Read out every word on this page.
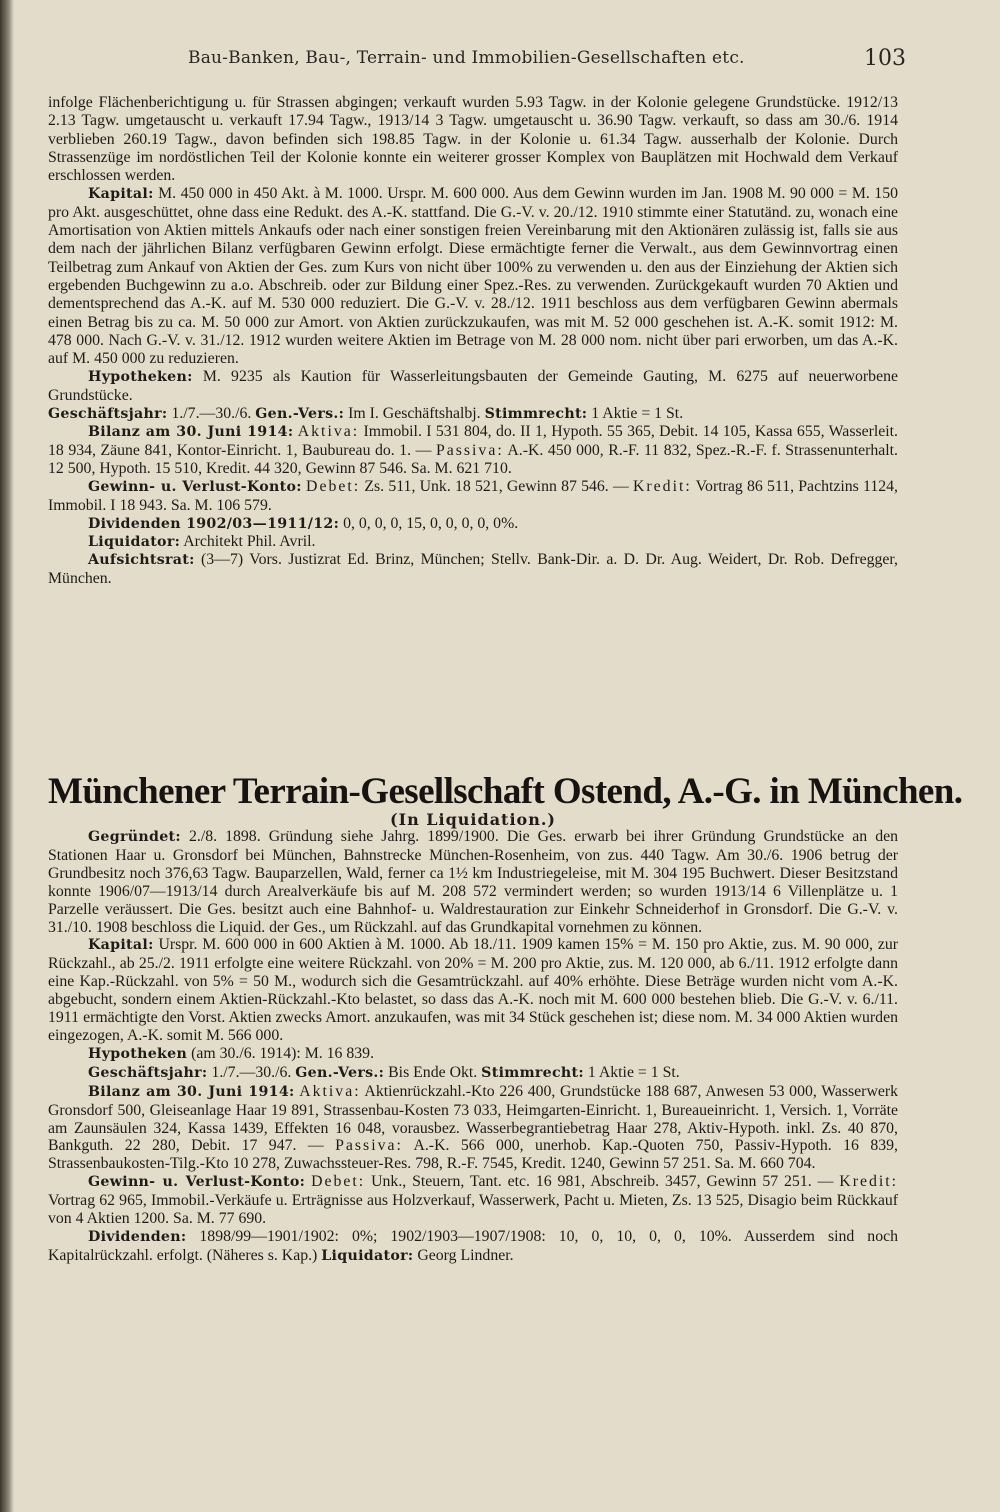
Bau-Banken, Bau-, Terrain- und Immobilien-Gesellschaften etc.	103

infolge Flächenberichtigung u. für Strassen abgingen; verkauft wurden 5.93 Tagw. in der Kolonie gelegene Grundstücke. 1912/13 2.13 Tagw. umgetauscht u. verkauft 17.94 Tagw., 1913/14 3 Tagw. umgetauscht u. 36.90 Tagw. verkauft, so dass am 30./6. 1914 verblieben 260.19 Tagw., davon befinden sich 198.85 Tagw. in der Kolonie u. 61.34 Tagw. ausserhalb der Kolonie. Durch Strassenzüge im nordöstlichen Teil der Kolonie konnte ein weiterer grosser Komplex von Bauplätzen mit Hochwald dem Verkauf erschlossen werden.

Kapital: M. 450 000 in 450 Akt. à M. 1000. Urspr. M. 600 000. Aus dem Gewinn wurden im Jan. 1908 M. 90 000 = M. 150 pro Akt. ausgeschüttet, ohne dass eine Redukt. des A.-K. stattfand. Die G.-V. v. 20./12. 1910 stimmte einer Statutänd. zu, wonach eine Amortisation von Aktien mittels Ankaufs oder nach einer sonstigen freien Vereinbarung mit den Aktionären zulässig ist, falls sie aus dem nach der jährlichen Bilanz verfügbaren Gewinn erfolgt. Diese ermächtigte ferner die Verwalt., aus dem Gewinnvortrag einen Teilbetrag zum Ankauf von Aktien der Ges. zum Kurs von nicht über 100% zu verwenden u. den aus der Einziehung der Aktien sich ergebenden Buchgewinn zu a.o. Abschreib. oder zur Bildung einer Spez.-Res. zu verwenden. Zurückgekauft wurden 70 Aktien und dementsprechend das A.-K. auf M. 530 000 reduziert. Die G.-V. v. 28./12. 1911 beschloss aus dem verfügbaren Gewinn abermals einen Betrag bis zu ca. M. 50 000 zur Amort. von Aktien zurückzukaufen, was mit M. 52 000 geschehen ist. A.-K. somit 1912: M. 478 000. Nach G.-V. v. 31./12. 1912 wurden weitere Aktien im Betrage von M. 28 000 nom. nicht über pari erworben, um das A.-K. auf M. 450 000 zu reduzieren.

Hypotheken: M. 9235 als Kaution für Wasserleitungsbauten der Gemeinde Gauting, M. 6275 auf neuerworbene Grundstücke.

Geschäftsjahr: 1./7.—30./6. Gen.-Vers.: Im I. Geschäftshalbj. Stimmrecht: 1 Aktie = 1 St.

Bilanz am 30. Juni 1914: Aktiva: Immobil. I 531 804, do. II 1, Hypoth. 55 365, Debit. 14 105, Kassa 655, Wasserleit. 18 934, Zäune 841, Kontor-Einricht. 1, Baubureau do. 1. — Passiva: A.-K. 450 000, R.-F. 11 832, Spez.-R.-F. f. Strassenunterhalt. 12 500, Hypoth. 15 510, Kredit. 44 320, Gewinn 87 546. Sa. M. 621 710.

Gewinn- u. Verlust-Konto: Debet: Zs. 511, Unk. 18 521, Gewinn 87 546. — Kredit: Vortrag 86 511, Pachtzins 1124, Immobil. I 18 943. Sa. M. 106 579.

Dividenden 1902/03—1911/12: 0, 0, 0, 0, 15, 0, 0, 0, 0, 0%.

Liquidator: Architekt Phil. Avril.

Aufsichtsrat: (3—7) Vors. Justizrat Ed. Brinz, München; Stellv. Bank-Dir. a. D. Dr. Aug. Weidert, Dr. Rob. Defregger, München.

Münchener Terrain-Gesellschaft Ostend, A.-G. in München.
(In Liquidation.)

Gegründet: 2./8. 1898. Gründung siehe Jahrg. 1899/1900. Die Ges. erwarb bei ihrer Gründung Grundstücke an den Stationen Haar u. Gronsdorf bei München, Bahnstrecke München-Rosenheim, von zus. 440 Tagw. Am 30./6. 1906 betrug der Grundbesitz noch 376,63 Tagw. Bauparzellen, Wald, ferner ca 1½ km Industriegeleise, mit M. 304 195 Buchwert. Dieser Besitzstand konnte 1906/07—1913/14 durch Arealverkäufe bis auf M. 208 572 vermindert werden; so wurden 1913/14 6 Villenplätze u. 1 Parzelle veräussert. Die Ges. besitzt auch eine Bahnhof- u. Waldrestauration zur Einkehr Schneiderhof in Gronsdorf. Die G.-V. v. 31./10. 1908 beschloss die Liquid. der Ges., um Rückzahl. auf das Grundkapital vornehmen zu können.

Kapital: Urspr. M. 600 000 in 600 Aktien à M. 1000. Ab 18./11. 1909 kamen 15% = M. 150 pro Aktie, zus. M. 90 000, zur Rückzahl., ab 25./2. 1911 erfolgte eine weitere Rückzahl. von 20% = M. 200 pro Aktie, zus. M. 120 000, ab 6./11. 1912 erfolgte dann eine Kap.-Rückzahl. von 5% = 50 M., wodurch sich die Gesamtrückzahl. auf 40% erhöhte. Diese Beträge wurden nicht vom A.-K. abgebucht, sondern einem Aktien-Rückzahl.-Kto belastet, so dass das A.-K. noch mit M. 600 000 bestehen blieb. Die G.-V. v. 6./11. 1911 ermächtigte den Vorst. Aktien zwecks Amort. anzukaufen, was mit 34 Stück geschehen ist; diese nom. M. 34 000 Aktien wurden eingezogen, A.-K. somit M. 566 000.

Hypotheken (am 30./6. 1914): M. 16 839.

Geschäftsjahr: 1./7.—30./6. Gen.-Vers.: Bis Ende Okt. Stimmrecht: 1 Aktie = 1 St.

Bilanz am 30. Juni 1914: Aktiva: Aktienrückzahl.-Kto 226 400, Grundstücke 188 687, Anwesen 53 000, Wasserwerk Gronsdorf 500, Gleiseanlage Haar 19 891, Strassenbau-Kosten 73 033, Heimgarten-Einricht. 1, Bureaueinricht. 1, Versich. 1, Vorräte am Zaunsäulen 324, Kassa 1439, Effekten 16 048, vorausbez. Wasserbegrantiebetrag Haar 278, Aktiv-Hypoth. inkl. Zs. 40 870, Bankguth. 22 280, Debit. 17 947. — Passiva: A.-K. 566 000, unerhob. Kap.-Quoten 750, Passiv-Hypoth. 16 839, Strassenbaukosten-Tilg.-Kto 10 278, Zuwachssteuer-Res. 798, R.-F. 7545, Kredit. 1240, Gewinn 57 251. Sa. M. 660 704.

Gewinn- u. Verlust-Konto: Debet: Unk., Steuern, Tant. etc. 16 981, Abschreib. 3457, Gewinn 57 251. — Kredit: Vortrag 62 965, Immobil.-Verkäufe u. Erträgnisse aus Holzverkauf, Wasserwerk, Pacht u. Mieten, Zs. 13 525, Disagio beim Rückkauf von 4 Aktien 1200. Sa. M. 77 690.

Dividenden: 1898/99—1901/1902: 0%; 1902/1903—1907/1908: 10, 0, 10, 0, 0, 10%. Ausserdem sind noch Kapitalrückzahl. erfolgt. (Näheres s. Kap.) Liquidator: Georg Lindner.
